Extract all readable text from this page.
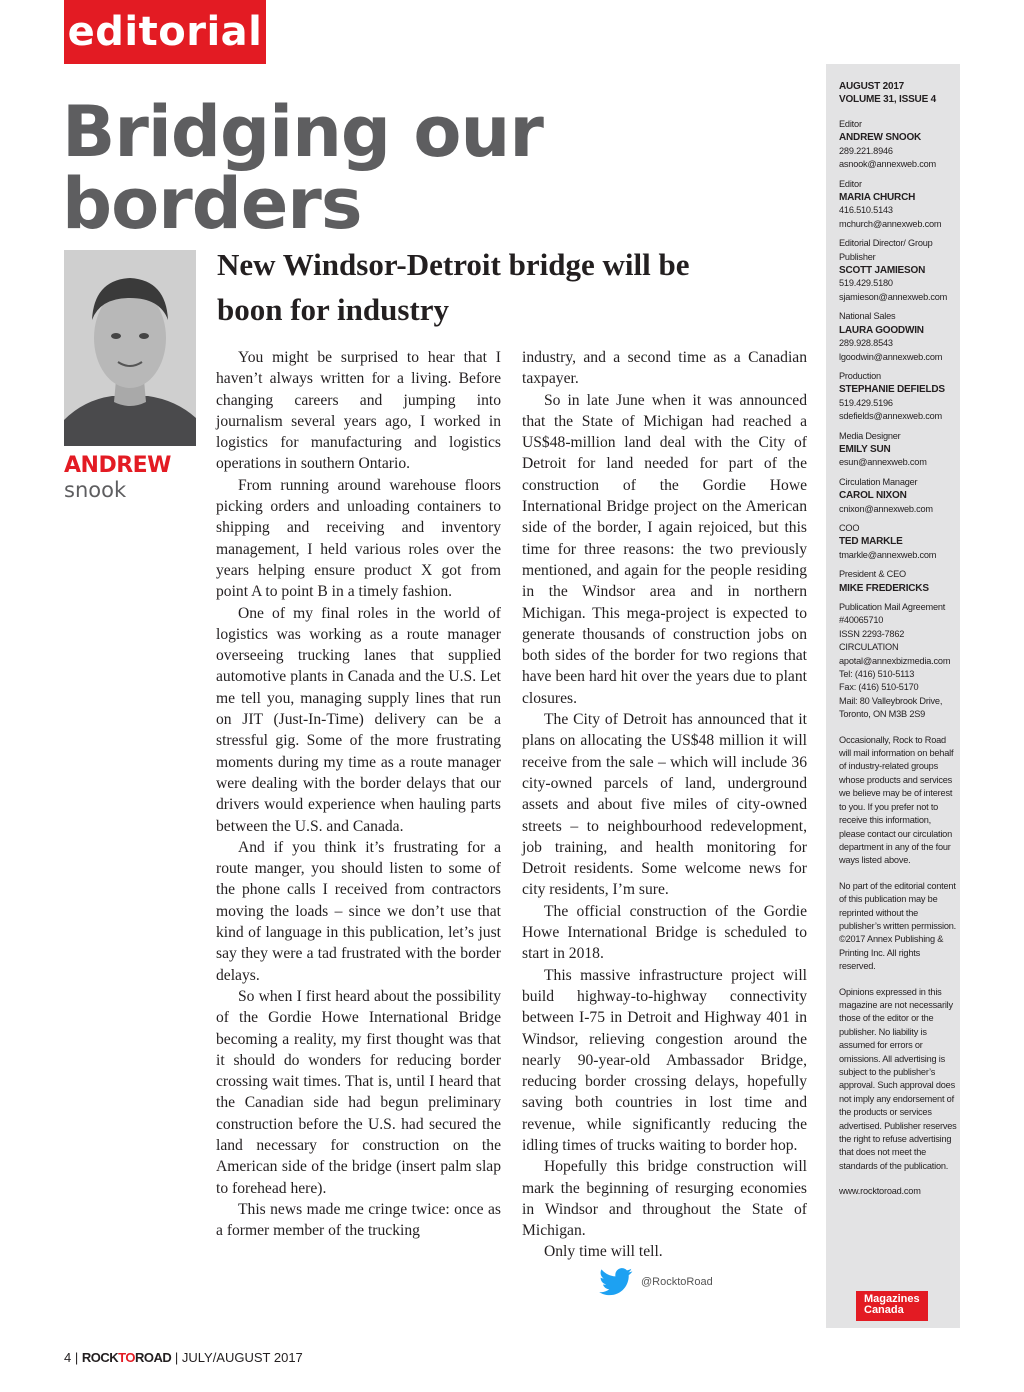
editorial
Bridging our borders
New Windsor-Detroit bridge will be boon for industry
ANDREW
snook

You might be surprised to hear that I haven’t always written for a living. Before changing careers and jumping into journalism several years ago, I worked in logistics for manufacturing and logistics operations in southern Ontario.

From running around warehouse floors picking orders and unloading containers to shipping and receiving and inventory management, I held various roles over the years helping ensure product X got from point A to point B in a timely fashion.

One of my final roles in the world of logistics was working as a route manager overseeing trucking lanes that supplied automotive plants in Canada and the U.S. Let me tell you, managing supply lines that run on JIT (Just-In-Time) delivery can be a stressful gig. Some of the more frustrating moments during my time as a route manager were dealing with the border delays that our drivers would experience when hauling parts between the U.S. and Canada.

And if you think it’s frustrating for a route manger, you should listen to some of the phone calls I received from contractors moving the loads – since we don’t use that kind of language in this publication, let’s just say they were a tad frustrated with the border delays.

So when I first heard about the possibility of the Gordie Howe International Bridge becoming a reality, my first thought was that it should do wonders for reducing border crossing wait times. That is, until I heard that the Canadian side had begun preliminary construction before the U.S. had secured the land necessary for construction on the American side of the bridge (insert palm slap to forehead here).

This news made me cringe twice: once as a former member of the trucking

industry, and a second time as a Canadian taxpayer.

So in late June when it was announced that the State of Michigan had reached a US$48-million land deal with the City of Detroit for land needed for part of the construction of the Gordie Howe International Bridge project on the American side of the border, I again rejoiced, but this time for three reasons: the two previously mentioned, and again for the people residing in the Windsor area and in northern Michigan. This mega-project is expected to generate thousands of construction jobs on both sides of the border for two regions that have been hard hit over the years due to plant closures.

The City of Detroit has announced that it plans on allocating the US$48 million it will receive from the sale – which will include 36 city-owned parcels of land, underground assets and about five miles of city-owned streets – to neighbourhood redevelopment, job training, and health monitoring for Detroit residents. Some welcome news for city residents, I’m sure.

The official construction of the Gordie Howe International Bridge is scheduled to start in 2018.

This massive infrastructure project will build highway-to-highway connectivity between I-75 in Detroit and Highway 401 in Windsor, relieving congestion around the nearly 90-year-old Ambassador Bridge, reducing border crossing delays, hopefully saving both countries in lost time and revenue, while significantly reducing the idling times of trucks waiting to border hop.

Hopefully this bridge construction will mark the beginning of resurging economies in Windsor and throughout the State of Michigan.

Only time will tell.

@RocktoRoad
AUGUST 2017
VOLUME 31, ISSUE 4
Editor
ANDREW SNOOK
289.221.8946
asnook@annexweb.com
Editor
MARIA CHURCH
416.510.5143
mchurch@annexweb.com
Editorial Director/ Group Publisher
SCOTT JAMIESON
519.429.5180
sjamieson@annexweb.com
National Sales
LAURA GOODWIN
289.928.8543
lgoodwin@annexweb.com
Production
STEPHANIE DEFIELDS
519.429.5196
sdefields@annexweb.com
Media Designer
EMILY SUN
esun@annexweb.com
Circulation Manager
CAROL NIXON
cnixon@annexweb.com
COO
TED MARKLE
tmarkle@annexweb.com
President & CEO
MIKE FREDERICKS
Publication Mail Agreement
#40065710
ISSN 2293-7862
CIRCULATION
apotal@annexbizmedia.com
Tel: (416) 510-5113
Fax: (416) 510-5170
Mail: 80 Valleybrook Drive,
Toronto, ON M3B 2S9
Occasionally, Rock to Road will mail information on behalf of industry-related groups whose products and services we believe may be of interest to you. If you prefer not to receive this information, please contact our circulation department in any of the four ways listed above.
No part of the editorial content of this publication may be reprinted without the publisher’s written permission. ©2017 Annex Publishing & Printing Inc. All rights reserved.
Opinions expressed in this magazine are not necessarily those of the editor or the publisher. No liability is assumed for errors or omissions. All advertising is subject to the publisher’s approval. Such approval does not imply any endorsement of the products or services advertised. Publisher reserves the right to refuse advertising that does not meet the standards of the publication.
www.rocktoroad.com
Magazines
Canada
4 | ROCKTOROAD | JULY/AUGUST 2017
